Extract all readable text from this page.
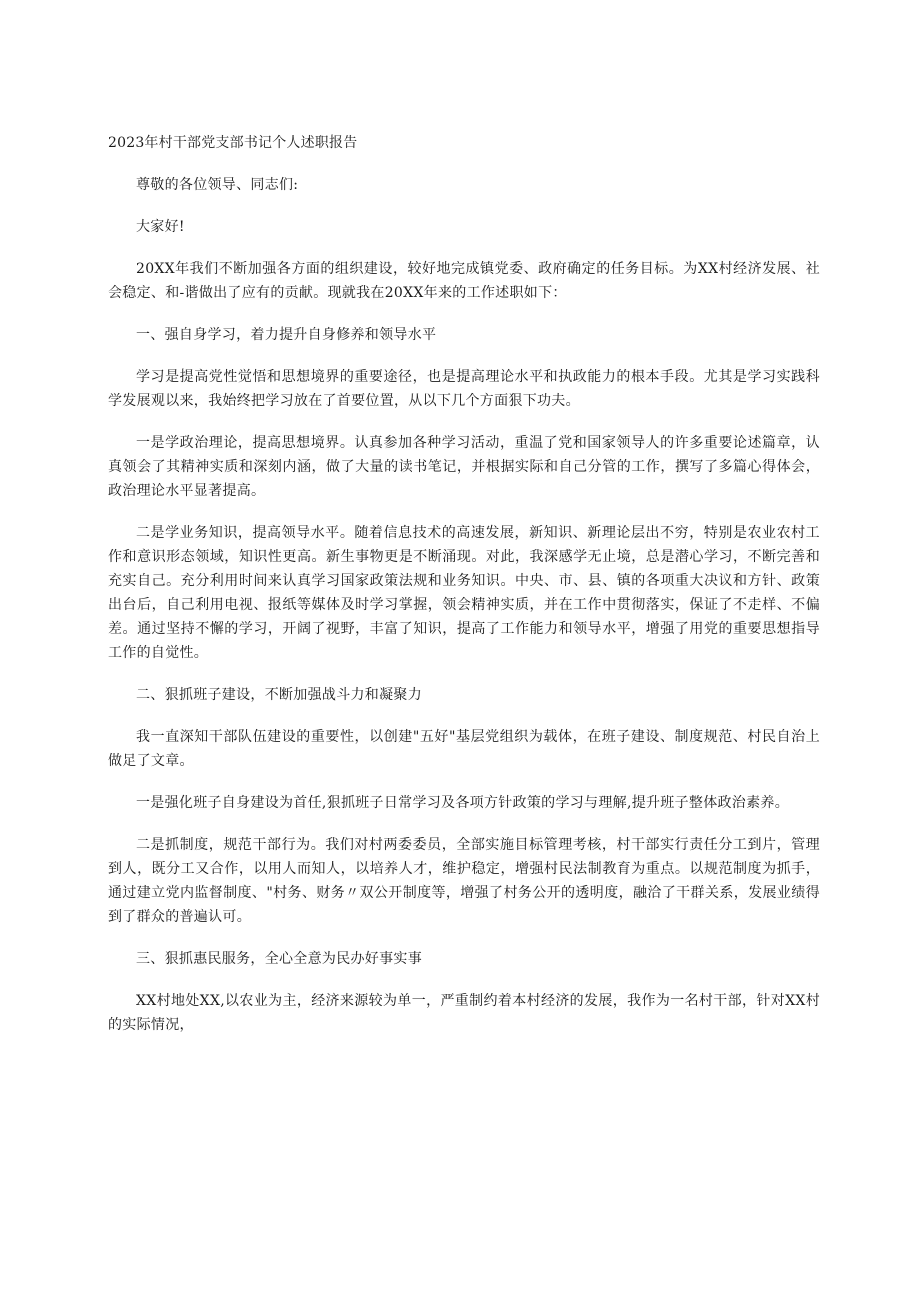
2023年村干部党支部书记个人述职报告

尊敬的各位领导、同志们:

大家好!

20XX年我们不断加强各方面的组织建设，较好地完成镇党委、政府确定的任务目标。为XX村经济发展、社会稳定、和-谐做出了应有的贡献。现就我在20XX年来的工作述职如下：

一、强自身学习，着力提升自身修养和领导水平

学习是提高党性觉悟和思想境界的重要途径，也是提高理论水平和执政能力的根本手段。尤其是学习实践科学发展观以来，我始终把学习放在了首要位置，从以下几个方面狠下功夫。

一是学政治理论，提高思想境界。认真参加各种学习活动，重温了党和国家领导人的许多重要论述篇章，认真领会了其精神实质和深刻内涵，做了大量的读书笔记，并根据实际和自己分管的工作，撰写了多篇心得体会，政治理论水平显著提高。

二是学业务知识，提高领导水平。随着信息技术的高速发展，新知识、新理论层出不穷，特别是农业农村工作和意识形态领域，知识性更高。新生事物更是不断涌现。对此，我深感学无止境，总是潜心学习，不断完善和充实自己。充分利用时间来认真学习国家政策法规和业务知识。中央、市、县、镇的各项重大决议和方针、政策出台后，自己利用电视、报纸等媒体及时学习掌握，领会精神实质，并在工作中贯彻落实，保证了不走样、不偏差。通过坚持不懈的学习，开阔了视野，丰富了知识，提高了工作能力和领导水平，增强了用党的重要思想指导工作的自觉性。

二、狠抓班子建设，不断加强战斗力和凝聚力

我一直深知干部队伍建设的重要性，以创建"五好"基层党组织为载体，在班子建设、制度规范、村民自治上做足了文章。

一是强化班子自身建设为首任,狠抓班子日常学习及各项方针政策的学习与理解,提升班子整体政治素养。

二是抓制度，规范干部行为。我们对村两委委员，全部实施目标管理考核，村干部实行责任分工到片，管理到人，既分工又合作，以用人而知人，以培养人才，维护稳定，增强村民法制教育为重点。以规范制度为抓手，通过建立党内监督制度、"村务、财务〃双公开制度等，增强了村务公开的透明度，融洽了干群关系，发展业绩得到了群众的普遍认可。

三、狠抓惠民服务，全心全意为民办好事实事

XX村地处XX,以农业为主，经济来源较为单一，严重制约着本村经济的发展，我作为一名村干部，针对XX村的实际情况，
